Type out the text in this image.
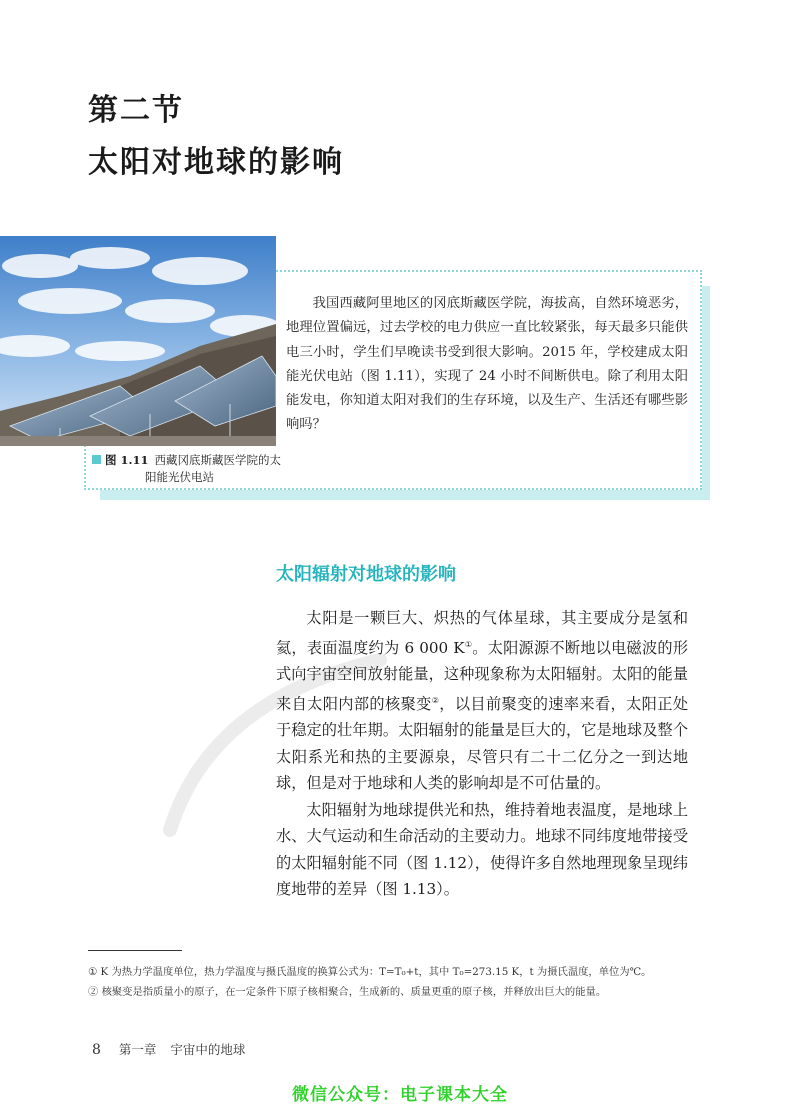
第二节
太阳对地球的影响
图 1.11 西藏冈底斯藏医学院的太
阳能光伏电站

我国西藏阿里地区的冈底斯藏医学院，海拔高，自然环境恶劣，地理位置偏远，过去学校的电力供应一直比较紧张，每天最多只能供电三小时，学生们早晚读书受到很大影响。2015 年，学校建成太阳能光伏电站（图 1.11），实现了 24 小时不间断供电。除了利用太阳能发电，你知道太阳对我们的生存环境，以及生产、生活还有哪些影响吗？

太阳辐射对地球的影响

太阳是一颗巨大、炽热的气体星球，其主要成分是氢和氦，表面温度约为 6 000 K①。太阳源源不断地以电磁波的形式向宇宙空间放射能量，这种现象称为太阳辐射。太阳的能量来自太阳内部的核聚变②，以目前聚变的速率来看，太阳正处于稳定的壮年期。太阳辐射的能量是巨大的，它是地球及整个太阳系光和热的主要源泉，尽管只有二十二亿分之一到达地球，但是对于地球和人类的影响却是不可估量的。

太阳辐射为地球提供光和热，维持着地表温度，是地球上水、大气运动和生命活动的主要动力。地球不同纬度地带接受的太阳辐射能不同（图 1.12），使得许多自然地理现象呈现纬度地带的差异（图 1.13）。

① K 为热力学温度单位，热力学温度与摄氏温度的换算公式为：T=T₀+t，其中 T₀=273.15 K，t 为摄氏温度，单位为℃。

② 核聚变是指质量小的原子，在一定条件下原子核相聚合，生成新的、质量更重的原子核，并释放出巨大的能量。

8 第一章 宇宙中的地球
微信公众号：电子课本大全
